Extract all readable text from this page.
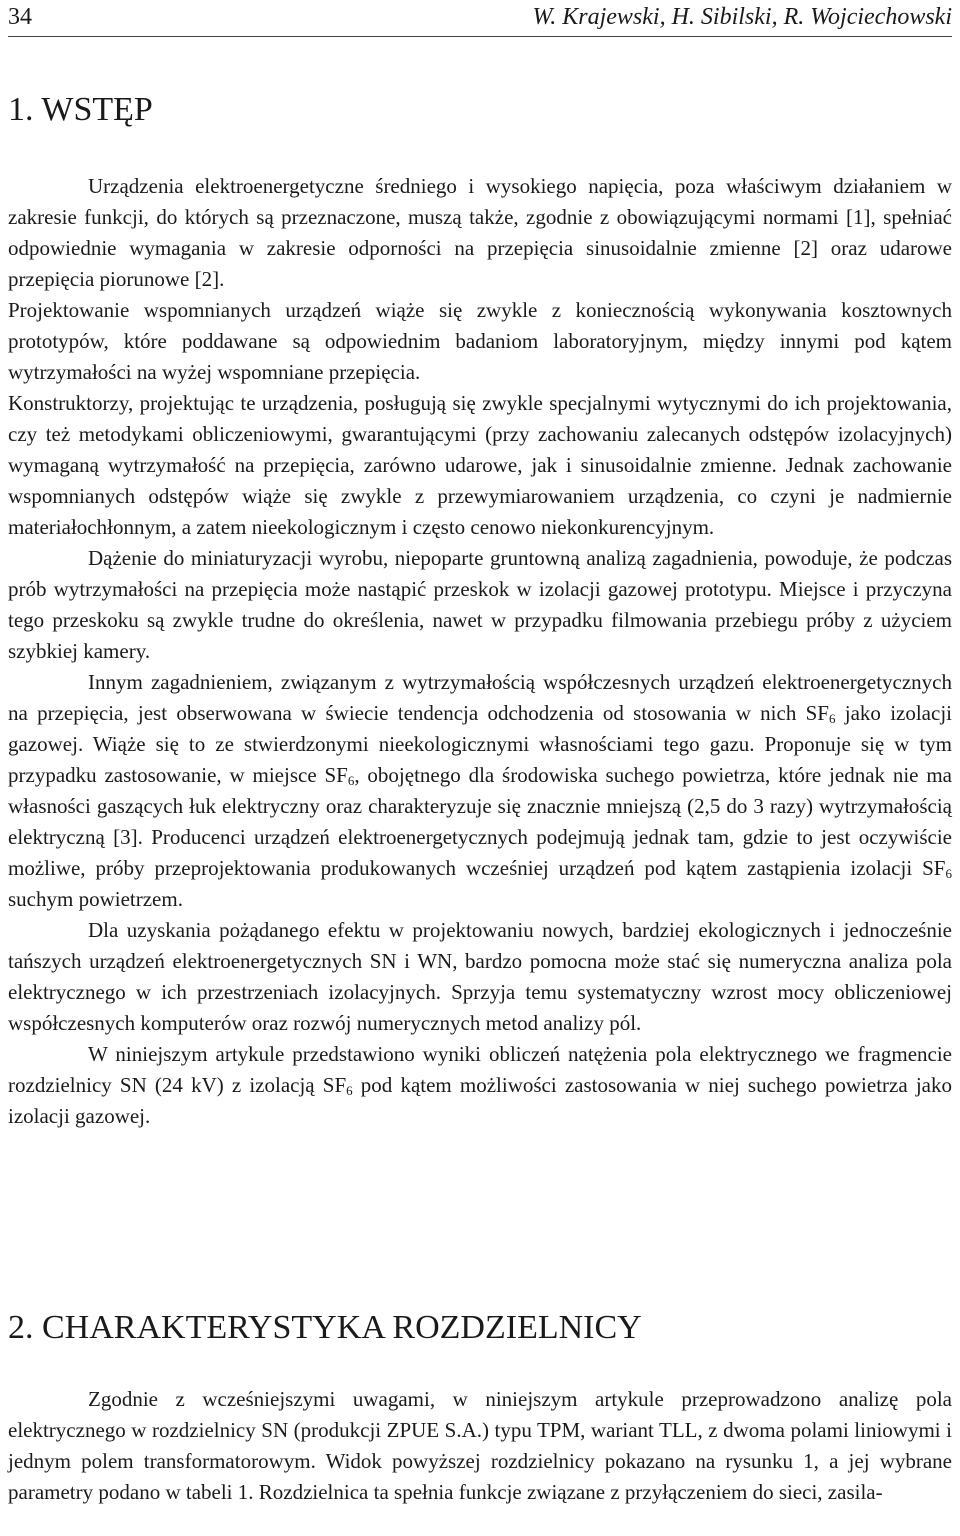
34	W. Krajewski, H. Sibilski, R. Wojciechowski
1. WSTĘP

Urządzenia elektroenergetyczne średniego i wysokiego napięcia, poza właściwym działaniem w zakresie funkcji, do których są przeznaczone, muszą także, zgodnie z obowiązującymi normami [1], spełniać odpowiednie wymagania w zakresie odporności na przepięcia sinusoidalnie zmienne [2] oraz udarowe przepięcia piorunowe [2].

Projektowanie wspomnianych urządzeń wiąże się zwykle z koniecznością wykonywania kosztownych prototypów, które poddawane są odpowiednim badaniom laboratoryjnym, między innymi pod kątem wytrzymałości na wyżej wspomniane przepięcia.

Konstruktorzy, projektując te urządzenia, posługują się zwykle specjalnymi wytycznymi do ich projektowania, czy też metodykami obliczeniowymi, gwarantującymi (przy zachowaniu zalecanych odstępów izolacyjnych) wymaganą wytrzymałość na przepięcia, zarówno udarowe, jak i sinusoidalnie zmienne. Jednak zachowanie wspomnianych odstępów wiąże się zwykle z przewymiarowaniem urządzenia, co czyni je nadmiernie materiałochłonnym, a zatem nieekologicznym i często cenowo niekonkurencyjnym.

Dążenie do miniaturyzacji wyrobu, niepoparte gruntowną analizą zagadnienia, powoduje, że podczas prób wytrzymałości na przepięcia może nastąpić przeskok w izolacji gazowej prototypu. Miejsce i przyczyna tego przeskoku są zwykle trudne do określenia, nawet w przypadku filmowania przebiegu próby z użyciem szybkiej kamery.

Innym zagadnieniem, związanym z wytrzymałością współczesnych urządzeń elektroenergetycznych na przepięcia, jest obserwowana w świecie tendencja odchodzenia od stosowania w nich $SF_6$ jako izolacji gazowej. Wiąże się to ze stwierdzonymi nieekologicznymi własnościami tego gazu. Proponuje się w tym przypadku zastosowanie, w miejsce $SF_6$, obojętnego dla środowiska suchego powietrza, które jednak nie ma własności gaszących łuk elektryczny oraz charakteryzuje się znacznie mniejszą (2,5 do 3 razy) wytrzymałością elektryczną [3]. Producenci urządzeń elektroenergetycznych podejmują jednak tam, gdzie to jest oczywiście możliwe, próby przeprojektowania produkowanych wcześniej urządzeń pod kątem zastąpienia izolacji $SF_6$ suchym powietrzem.

Dla uzyskania pożądanego efektu w projektowaniu nowych, bardziej ekologicznych i jednocześnie tańszych urządzeń elektroenergetycznych SN i WN, bardzo pomocna może stać się numeryczna analiza pola elektrycznego w ich przestrzeniach izolacyjnych. Sprzyja temu systematyczny wzrost mocy obliczeniowej współczesnych komputerów oraz rozwój numerycznych metod analizy pól.

W niniejszym artykule przedstawiono wyniki obliczeń natężenia pola elektrycznego we fragmencie rozdzielnicy SN (24 kV) z izolacją $SF_6$ pod kątem możliwości zastosowania w niej suchego powietrza jako izolacji gazowej.

2. CHARAKTERYSTYKA ROZDZIELNICY

Zgodnie z wcześniejszymi uwagami, w niniejszym artykule przeprowadzono analizę pola elektrycznego w rozdzielnicy SN (produkcji ZPUE S.A.) typu TPM, wariant TLL, z dwoma polami liniowymi i jednym polem transformatorowym. Widok powyższej rozdzielnicy pokazano na rysunku 1, a jej wybrane parametry podano w tabeli 1. Rozdzielnica ta spełnia funkcje związane z przyłączeniem do sieci, zasila-
